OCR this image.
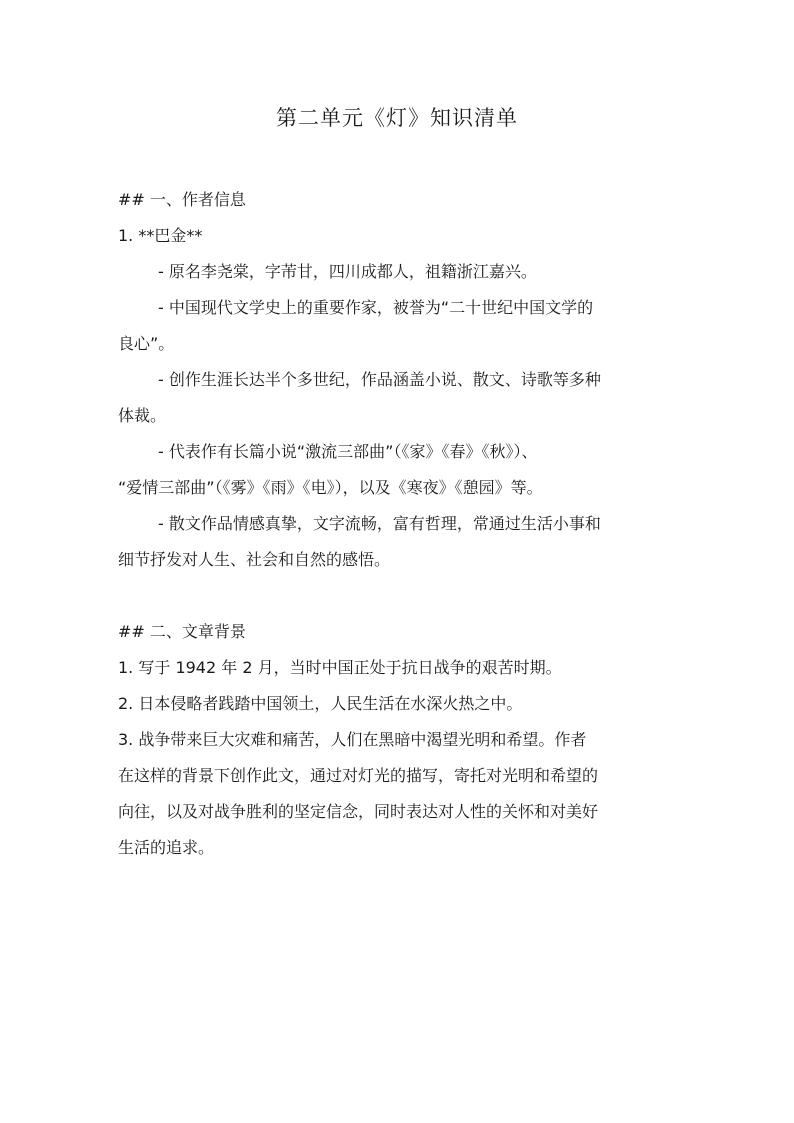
第二单元《灯》知识清单
## 一、作者信息
1. **巴金**
- 原名李尧棠，字芾甘，四川成都人，祖籍浙江嘉兴。
- 中国现代文学史上的重要作家，被誉为“二十世纪中国文学的
良心”。
- 创作生涯长达半个多世纪，作品涵盖小说、散文、诗歌等多种
体裁。
- 代表作有长篇小说“激流三部曲”（《家》《春》《秋》）、
“爱情三部曲”（《雾》《雨》《电》），以及《寒夜》《憩园》等。
- 散文作品情感真挚，文字流畅，富有哲理，常通过生活小事和
细节抒发对人生、社会和自然的感悟。
## 二、文章背景
1. 写于 1942 年 2 月，当时中国正处于抗日战争的艰苦时期。
2. 日本侵略者践踏中国领土，人民生活在水深火热之中。
3. 战争带来巨大灾难和痛苦，人们在黑暗中渴望光明和希望。作者
在这样的背景下创作此文，通过对灯光的描写，寄托对光明和希望的
向往，以及对战争胜利的坚定信念，同时表达对人性的关怀和对美好
生活的追求。
